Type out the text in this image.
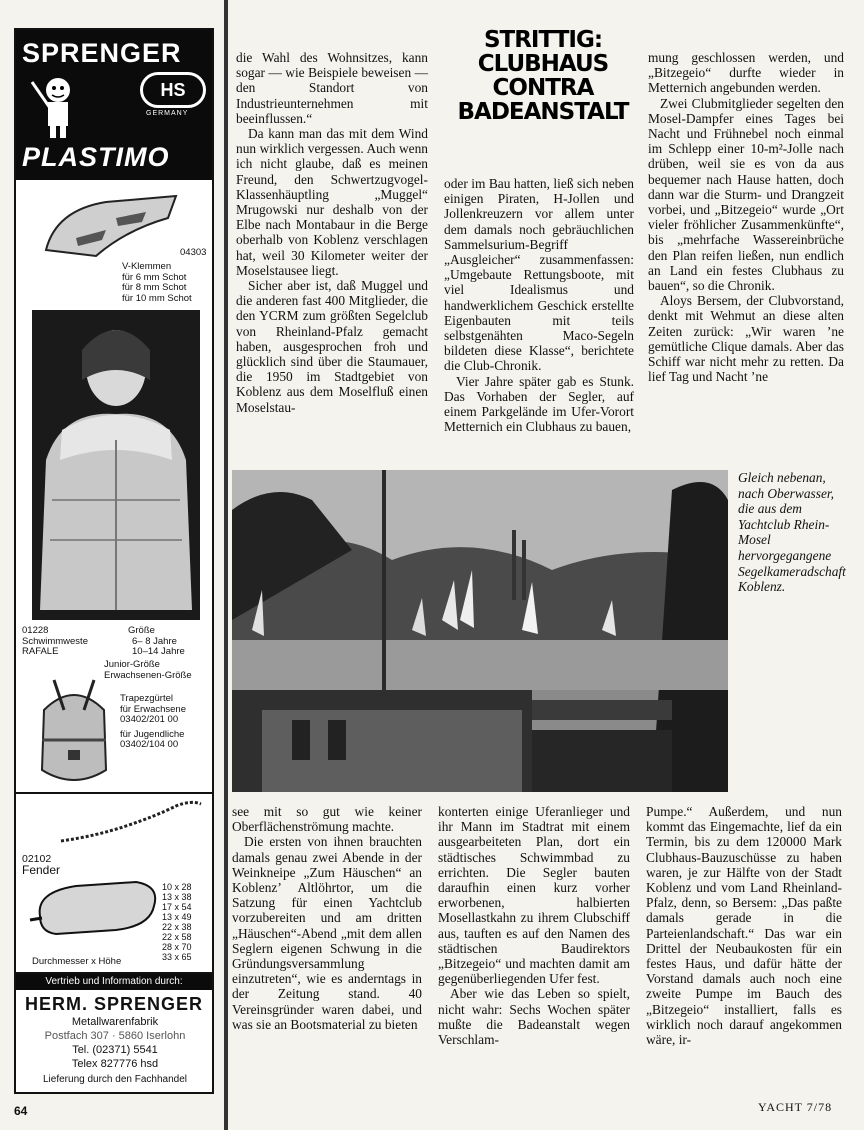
SPRENGER
HS
GERMANY
PLASTIMO
04303
V-Klemmen
für 6 mm Schot
für 8 mm Schot
für 10 mm Schot
01228
Schwimmweste
RAFALE
Größe
6– 8 Jahre
10–14 Jahre
Junior-Größe
Erwachsenen-Größe
Trapezgürtel
für Erwachsene
03402/201 00
für Jugendliche
03402/104 00
02102
Fender
10 x 28
13 x 38
17 x 54
13 x 49
22 x 38
22 x 58
28 x 70
33 x 65
Durchmesser x Höhe
Vertrieb und Information durch:
HERM. SPRENGER
Metallwarenfabrik
Postfach 307 · 5860 Iserlohn
Tel. (02371) 5541
Telex 827776 hsd
Lieferung durch den Fachhandel
STRITTIG:
CLUBHAUS
CONTRA
BADEANSTALT

die Wahl des Wohnsitzes, kann sogar — wie Beispiele beweisen — den Standort von Industrieunternehmen mit beeinflussen.“

Da kann man das mit dem Wind nun wirklich vergessen. Auch wenn ich nicht glaube, daß es meinen Freund, den Schwertzugvogel-Klassenhäuptling „Muggel“ Mrugowski nur deshalb von der Elbe nach Montabaur in die Berge oberhalb von Koblenz verschlagen hat, weil 30 Kilometer weiter der Moselstausee liegt.

Sicher aber ist, daß Muggel und die anderen fast 400 Mitglieder, die den YCRM zum größten Segelclub von Rheinland-Pfalz gemacht haben, ausgesprochen froh und glücklich sind über die Staumauer, die 1950 im Stadtgebiet von Koblenz aus dem Moselfluß einen Moselstau-

oder im Bau hatten, ließ sich neben einigen Piraten, H-Jollen und Jollenkreuzern vor allem unter dem damals noch gebräuchlichen Sammelsurium-Begriff „Ausgleicher“ zusammenfassen: „Umgebaute Rettungsboote, mit viel Idealismus und handwerklichem Geschick erstellte Eigenbauten mit teils selbstgenähten Maco-Segeln bildeten diese Klasse“, berichtete die Club-Chronik.

Vier Jahre später gab es Stunk. Das Vorhaben der Segler, auf einem Parkgelände im Ufer-Vorort Metternich ein Clubhaus zu bauen,

mung geschlossen werden, und „Bitzegeio“ durfte wieder in Metternich angebunden werden.

Zwei Clubmitglieder segelten den Mosel-Dampfer eines Tages bei Nacht und Frühnebel noch einmal im Schlepp einer 10-m²-Jolle nach drüben, weil sie es von da aus bequemer nach Hause hatten, doch dann war die Sturm- und Drangzeit vorbei, und „Bitzegeio“ wurde „Ort vieler fröhlicher Zusammenkünfte“, bis „mehrfache Wassereinbrüche den Plan reifen ließen, nun endlich an Land ein festes Clubhaus zu bauen“, so die Chronik.

Aloys Bersem, der Clubvorstand, denkt mit Wehmut an diese alten Zeiten zurück: „Wir waren ’ne gemütliche Clique damals. Aber das Schiff war nicht mehr zu retten. Da lief Tag und Nacht ’ne

Gleich nebenan, nach Oberwasser, die aus dem Yachtclub Rhein-Mosel hervorgegangene Segelkameradschaft Koblenz.

see mit so gut wie keiner Oberflächenströmung machte.

Die ersten von ihnen brauchten damals genau zwei Abende in der Weinkneipe „Zum Häuschen“ an Koblenz’ Altlöhrtor, um die Satzung für einen Yachtclub vorzubereiten und am dritten „Häuschen“-Abend „mit dem allen Seglern eigenen Schwung in die Gründungsversammlung einzutreten“, wie es anderntags in der Zeitung stand. 40 Vereinsgründer waren dabei, und was sie an Bootsmaterial zu bieten

konterten einige Uferanlieger und ihr Mann im Stadtrat mit einem ausgearbeiteten Plan, dort ein städtisches Schwimmbad zu errichten. Die Segler bauten daraufhin einen kurz vorher erworbenen, halbierten Mosellastkahn zu ihrem Clubschiff aus, tauften es auf den Namen des städtischen Baudirektors „Bitzegeio“ und machten damit am gegenüberliegenden Ufer fest.

Aber wie das Leben so spielt, nicht wahr: Sechs Wochen später mußte die Badeanstalt wegen Verschlam-

Pumpe.“ Außerdem, und nun kommt das Eingemachte, lief da ein Termin, bis zu dem 120000 Mark Clubhaus-Bauzuschüsse zu haben waren, je zur Hälfte von der Stadt Koblenz und vom Land Rheinland-Pfalz, denn, so Bersem: „Das paßte damals gerade in die Parteienlandschaft.“ Das war ein Drittel der Neubaukosten für ein festes Haus, und dafür hätte der Vorstand damals auch noch eine zweite Pumpe im Bauch des „Bitzegeio“ installiert, falls es wirklich noch darauf angekommen wäre, ir-

64	YACHT 7/78
